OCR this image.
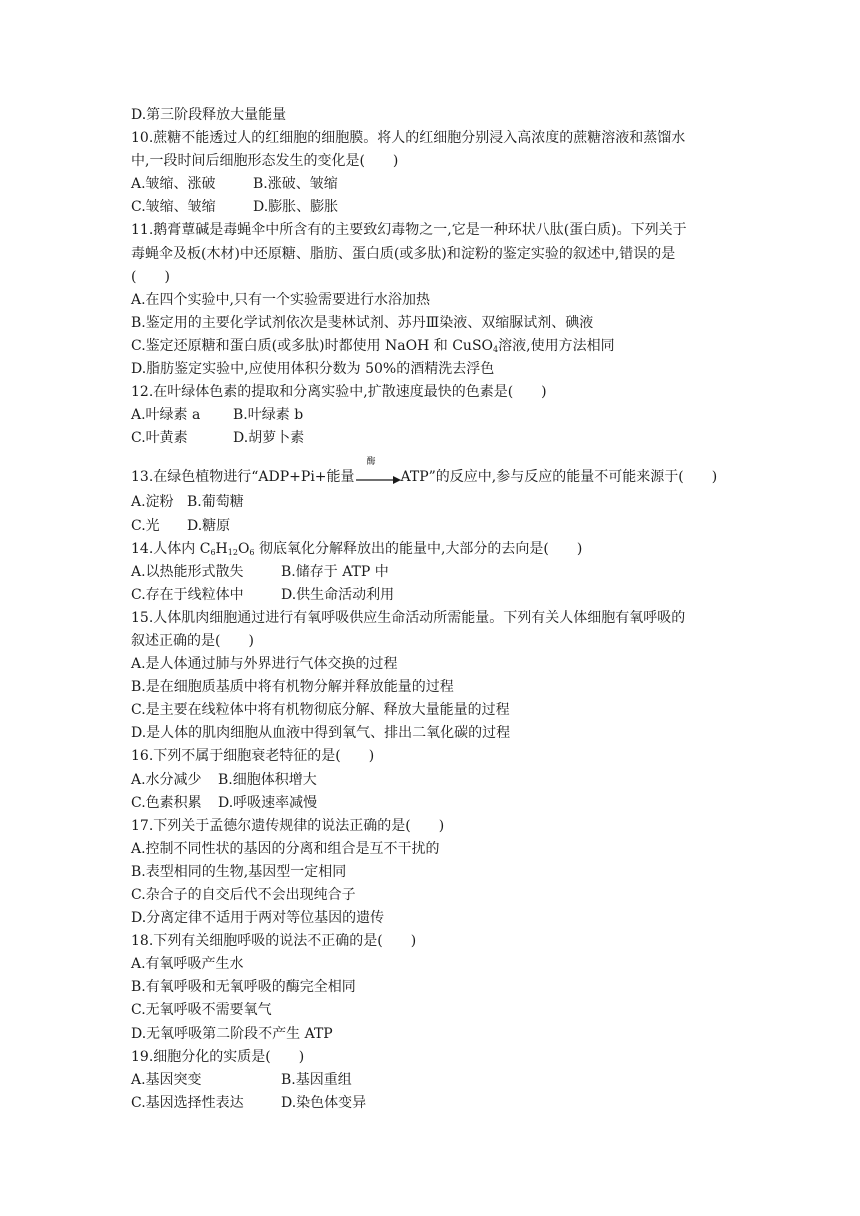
D.第三阶段释放大量能量
10.蔗糖不能透过人的红细胞的细胞膜。将人的红细胞分别浸入高浓度的蔗糖溶液和蒸馏水
中,一段时间后细胞形态发生的变化是(　　)
A.皱缩、涨破	B.涨破、皱缩
C.皱缩、皱缩	D.膨胀、膨胀
11.鹅膏蕈碱是毒蝇伞中所含有的主要致幻毒物之一,它是一种环状八肽(蛋白质)。下列关于
毒蝇伞及板(木材)中还原糖、脂肪、蛋白质(或多肽)和淀粉的鉴定实验的叙述中,错误的是
(　　)
A.在四个实验中,只有一个实验需要进行水浴加热
B.鉴定用的主要化学试剂依次是斐林试剂、苏丹Ⅲ染液、双缩脲试剂、碘液
C.鉴定还原糖和蛋白质(或多肽)时都使用 NaOH 和 CuSO$_4$溶液,使用方法相同
D.脂肪鉴定实验中,应使用体积分数为 50%的酒精洗去浮色
12.在叶绿体色素的提取和分离实验中,扩散速度最快的色素是(　　)
A.叶绿素 a	B.叶绿素 b
C.叶黄素	D.胡萝卜素
13.在绿色植物进行“ADP+Pi+能量
酶
ATP”的反应中,参与反应的能量不可能来源于(　　)
A.淀粉 B.葡萄糖
C.光	D.糖原
14.人体内 $C_6H_{12}O_6$ 彻底氧化分解释放出的能量中,大部分的去向是(　　)
A.以热能形式散失	B.储存于 ATP 中
C.存在于线粒体中	D.供生命活动利用
15.人体肌肉细胞通过进行有氧呼吸供应生命活动所需能量。下列有关人体细胞有氧呼吸的
叙述正确的是(　　)
A.是人体通过肺与外界进行气体交换的过程
B.是在细胞质基质中将有机物分解并释放能量的过程
C.是主要在线粒体中将有机物彻底分解、释放大量能量的过程
D.是人体的肌肉细胞从血液中得到氧气、排出二氧化碳的过程
16.下列不属于细胞衰老特征的是(　　)
A.水分减少	B.细胞体积增大
C.色素积累	D.呼吸速率减慢
17.下列关于孟德尔遗传规律的说法正确的是(　　)
A.控制不同性状的基因的分离和组合是互不干扰的
B.表型相同的生物,基因型一定相同
C.杂合子的自交后代不会出现纯合子
D.分离定律不适用于两对等位基因的遗传
18.下列有关细胞呼吸的说法不正确的是(　　)
A.有氧呼吸产生水
B.有氧呼吸和无氧呼吸的酶完全相同
C.无氧呼吸不需要氧气
D.无氧呼吸第二阶段不产生 ATP
19.细胞分化的实质是(　　)
A.基因突变	B.基因重组
C.基因选择性表达	D.染色体变异
